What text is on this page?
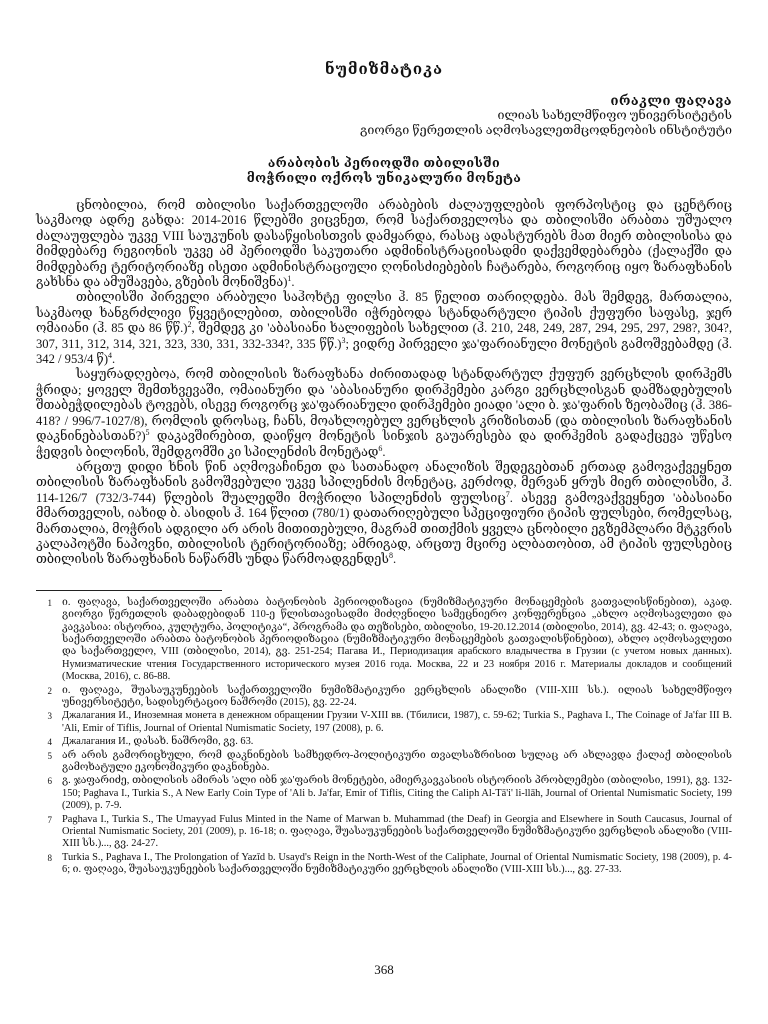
ნუმიზმატიკა
ირაკლი ფაღავა
ილიას სახელმწიფო უნივერსიტეტის
გიორგი წერეთლის აღმოსავლეთმცოდნეობის ინსტიტუტი
არაბობის პერიოდში თბილისში
მოჭრილი ოქროს უნიკალური მონეტა

ცნობილია, რომ თბილისი საქართველოში არაბების ძალაუფლების ფორპოსტიც და ცენტრიც საკმაოდ ადრე გახდა: 2014-2016 წლებში ვიცვნეთ, რომ საქართველოსა და თბილისში არაბთა უშუალო ძალაუფლება უკვე VIII საუკუნის დასაწყისისთვის დამყარდა, რასაც ადასტურებს მათ მიერ თბილისისა და მიმდებარე რეგიონის უკვე ამ პერიოდში საკუთარი ადმინისტრაციისადმი დაქვემდებარება (ქალაქში და მიმდებარე ტერიტორიაზე ისეთი ადმინისტრაციული ღონისძიებების ჩატარება, როგორიც იყო ზარაფხანის გახსნა და ამუშავება, გზების მონიშვნა)$^1$.

თბილისში პირველი არაბული საჰოხტე ფილსი ჰ. 85 წელით თარიღდება. მას შემდეგ, მართალია, საკმაოდ ხანგრძლივი წყვეტილებით, თბილისში იჭრებოდა სტანდარტული ტიპის ქუფური საფასე, ჯერ ომაიანი (ჰ. 85 და 86 წწ.)$^2$, შემდეგ კი 'აბასიანი ხალიფების სახელით (ჰ. 210, 248, 249, 287, 294, 295, 297, 298?, 304?, 307, 311, 312, 314, 321, 323, 330, 331, 332-334?, 335 წწ.)$^3$; ვიდრე პირველი ჯა'ფარიანული მონეტის გამოშვებამდე (ჰ. 342 / 953/4 წ)$^4$.

საყურადღებოა, რომ თბილისის ზარაფხანა ძირითადად სტანდარტულ ქუფურ ვერცხლის დირჰემს ჭრიდა; ყოველ შემთხვევაში, ომაიანური და 'აბასიანური დირჰემები კარგი ვერცხლისგან დამზადებულის შთაბეჭდილებას ტოვებს, ისევე როგორც ჯა'ფარიანული დირჰემები ეიადი 'ალი ბ. ჯა'ფარის ზეობაშიც (ჰ. 386-418? / 996/7-1027/8), რომლის დროსაც, ჩანს, მოახლოებულ ვერცხლის კრიზისთან (და თბილისის ზარაფხანის დაკნინებასთან?)$^5$ დაკავშირებით, დაიწყო მონეტის სინჯის გაუარესება და დირჰემის გადაქცევა უწესო ჭედვის ბილონის, შემდგომში კი სპილენძის მონეტად$^6$.

არცთუ დიდი ხნის წინ აღმოვაჩინეთ და სათანადო ანალიზის შედეგებთან ერთად გამოვაქვეყნეთ თბილისის ზარაფხანის გამოშვებული უკვე სპილენძის მონეტაც, კერძოდ, მერვან ყრუს მიერ თბილისში, ჰ. 114-126/7 (732/3-744) წლების შუალედში მოჭრილი სპილენძის ფულსიც$^7$. ასევე გამოვაქვეყნეთ 'აბასიანი მმართველის, იახიდ ბ. ასიდის ჰ. 164 წლით (780/1) დათარიღებული სპეციფიური ტიპის ფულსები, რომელსაც, მართალია, მოჭრის ადგილი არ არის მითითებული, მაგრამ თითქმის ყველა ცნობილი ეგზემპლარი მტკვრის კალაპოტში ნაპოვნი, თბილისის ტერიტორიაზე; ამრიგად, არცთუ მცირე ალბათობით, ამ ტიპის ფულსებიც თბილისის ზარაფხანის ნაწარმს უნდა წარმოადგენდეს$^8$.

1 ი. ფაღავა, საქართველოში არაბთა ბატონობის პერიოდიზაცია (ნუმიზმატიკური მონაცემების გათვალისწინებით), აკად. გიორგი წერეთლის დაბადებიდან 110-ე წლისთავისადმი მიძღვნილი სამეცნიერო კონფერენცია „ახლო აღმოსავლეთი და კავკასია: ისტორია, კულტურა, პოლიტიკა“, პროგრამა და თეზისები, თბილისი, 19-20.12.2014 (თბილისი, 2014), გვ. 42-43; ი. ფაღავა, საქართველოში არაბთა ბატონობის პერიოდიზაცია (ნუმიზმატიკური მონაცემების გათვალისწინებით), ახლო აღმოსავლეთი და საქართველო, VIII (თბილისი, 2014), გვ. 251-254; Пагава И., Периодизация арабского владычества в Грузии (с учетом новых данных). Нумизматические чтения Государственного исторического музея 2016 года. Москва, 22 и 23 ноября 2016 г. Материалы докладов и сообщений (Москва, 2016), с. 86-88.
2 ი. ფაღავა, შუასაუკუნეების საქართველოში ნუმიზმატიკური ვერცხლის ანალიზი (VIII-XIII სს.). ილიას სახელმწიფო უნივერსიტეტი, სადისერტაციო ნაშრომი (2015), გვ. 22-24.
3 Джалагания И., Иноземная монета в денежном обращении Грузии V-XIII вв. (Тбилиси, 1987), с. 59-62; Turkia S., Paghava I., The Coinage of Ja'far III B. 'Ali, Emir of Tiflis, Journal of Oriental Numismatic Society, 197 (2008), p. 6.
4 Джалагания И., დასახ. ნაშრომი, გვ. 63.
5 არ არის გამორიცხული, რომ დაკნინების სამხედრო-პოლიტიკური თვალსაზრისით სულაც არ ახლავდა ქალაქ თბილისის გამოხატული ეკონომიკური დაკნინება.
6 გ. ჯაფარიძე, თბილისის ამირას 'ალი იბნ ჯა'ფარის მონეტები, ამიერკავკასიის ისტორიის პრობლემები (თბილისი, 1991), გვ. 132-150; Paghava I., Turkia S., A New Early Coin Type of 'Ali b. Ja'far, Emir of Tiflis, Citing the Caliph Al-Tā'i' li-llāh, Journal of Oriental Numismatic Society, 199 (2009), p. 7-9.
7 Paghava I., Turkia S., The Umayyad Fulus Minted in the Name of Marwan b. Muhammad (the Deaf) in Georgia and Elsewhere in South Caucasus, Journal of Oriental Numismatic Society, 201 (2009), p. 16-18; ი. ფაღავა, შუასაუკუნეების საქართველოში ნუმიზმატიკური ვერცხლის ანალიზი (VIII-XIII სს.)..., გვ. 24-27.
8 Turkia S., Paghava I., The Prolongation of Yazīd b. Usayd's Reign in the North-West of the Caliphate, Journal of Oriental Numismatic Society, 198 (2009), p. 4-6; ი. ფაღავა, შუასაუკუნეების საქართველოში ნუმიზმატიკური ვერცხლის ანალიზი (VIII-XIII სს.)..., გვ. 27-33.
368
